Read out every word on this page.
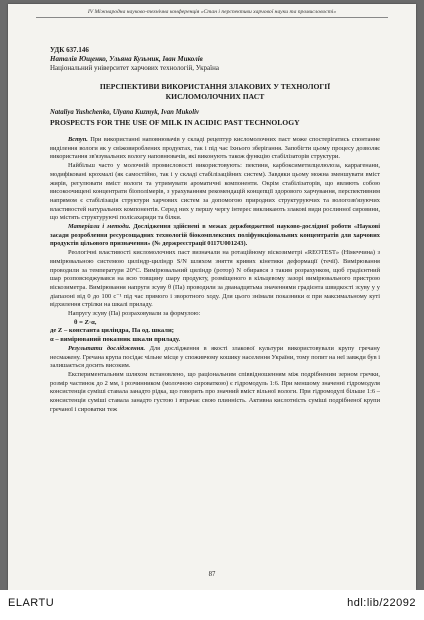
IV Міжнародна науково-технічна конференція «Стан і перспективи харчової науки та промисловості»
УДК 637.146
Наталія Ющенко, Ульяна Кузьмик, Іван Миколів
Національний університет харчових технологій, Україна
ПЕРСПЕКТИВИ ВИКОРИСТАННЯ ЗЛАКОВИХ У ТЕХНОЛОГІЇ
КИСЛОМОЛОЧНИХ ПАСТ
Nataliya Yushchenko, Ulyana Kuzmyk, Ivan Mukoliv
PROSPECTS FOR THE USE OF MILK IN ACIDIC PAST TECHNOLOGY

Вступ. При використанні наповнювачів у складі рецептур кисломолочних паст може спостерігатись спонтанне виділення вологи як у свіжовироблених продуктах, так і під час їхнього зберігання. Запобігти цьому процесу дозволяє використання зв'язувальних вологу наповнювачів, які виконують також функцію стабілізаторів структури.

Найбільш часто у молочній промисловості використовують: пектини, карбоксиметилцелюлоза, каррагенани, модифіковані крохмалі (як самостійно, так і у складі стабілізаційних систем). Завдяки цьому можна зменшувати вміст жирів, регулювати вміст вологи та утримувати ароматичні компоненти. Окрім стабілізаторів, що являють собою високоочищені концентрати біополімерів, з урахуванням рекомендацій концепції здорового харчування, перспективним напрямом є стабілізація структури харчових систем за допомогою природних структуруючих та вологозв'язуючих властивостей натуральних компонентів. Серед них у першу чергу інтерес викликають злакові види рослинної сировини, що містять структуруючі полісахариди та білки.

Матеріали і методи. Дослідження здійснені в межах держбюджетної науково-дослідної роботи «Наукові засади розроблення ресурсощадних технологій біокомплексних поліфункціональних концентратів для харчових продуктів цільового призначення» (№ держреєстрації 0117U001243).

Реологічні властивості кисломолочних паст визначали на ротаційному віскозиметрі «REOTEST» (Німеччина) з вимірювальною системою циліндр-циліндр S/N шляхом зняття кривих кінетики деформації (течії). Вимірювання проводили за температури 20°С. Вимірювальний циліндр (ротор) N обирався з таким розрахунком, щоб градієнтний шар розповсюджувався на всю товщину шару продукту, розміщеного в кільцевому зазорі вимірювального пристрою віскозиметра. Вимірювання напруги зсуву θ (Па) проводили за дванадцятьма значеннями градієнта швидкості зсуву у у діапазоні від 0 до 100 с⁻¹ під час прямого і зворотного ходу. Для цього знімали показники α при максимальному куті відхилення стрілки на шкалі приладу.

Напругу зсуву (Па) розраховували за формулою:

θ = Z·α,

де Z – константа циліндра, Па од. шкали;

α – вимірюваний показник шкали приладу.

Результати дослідження. Для дослідження в якості злакової культури використовували крупу гречану несмажену. Гречана крупа посідає чільне місце у споживчому кошику населення України, тому попит на неї завжди був і залишається досить високим.

Експериментальним шляхом встановлено, що раціональним співвідношенням між подрібненим зерном гречки, розмір частинок до 2 мм, і розчинником (молочною сироваткою) є гідромодуль 1:6. При меншому значенні гідромодуля консистенція суміші ставала занадто рідка, що говорить про значний вміст вільної вологи. При гідромодулі більше 1:6 – консистенція суміші ставала занадто густою і втрачає свою плинність. Активна кислотність суміші подрібненої крупи гречаної і сироватки теж

87
ELARTU	hdl:lib/22092
